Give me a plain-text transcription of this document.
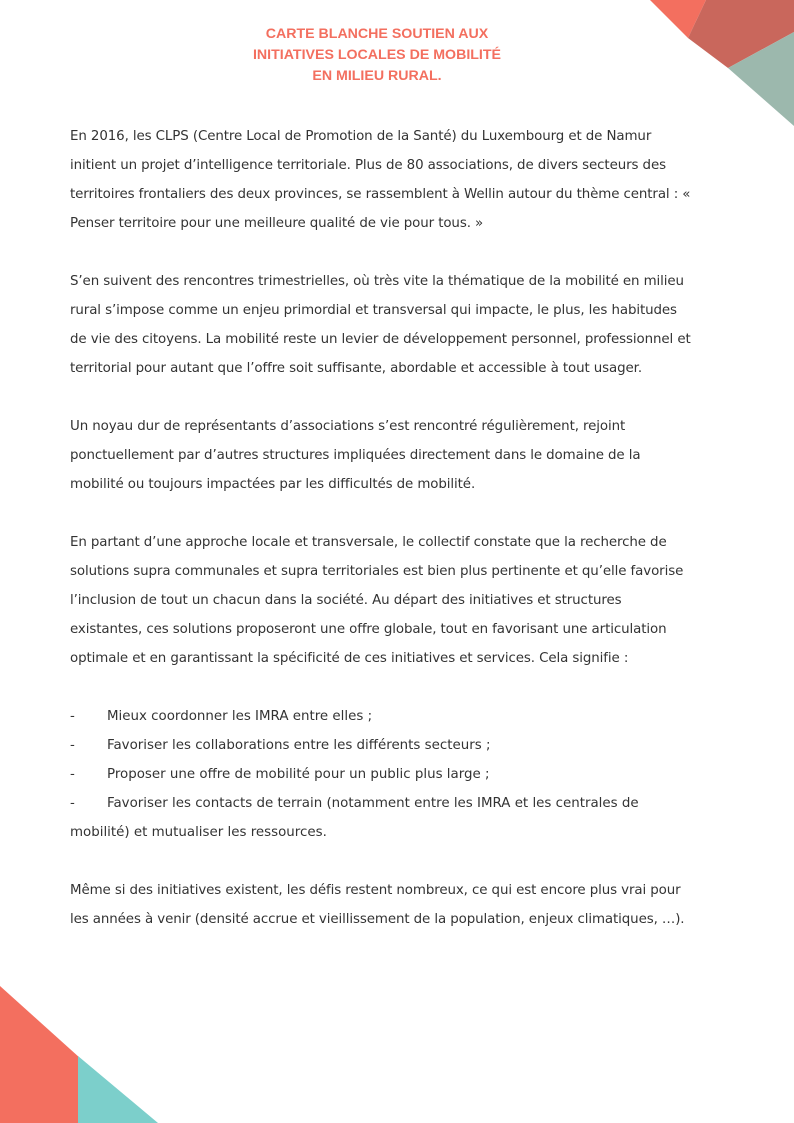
CARTE BLANCHE SOUTIEN AUX
INITIATIVES LOCALES DE MOBILITÉ
EN MILIEU RURAL.

En 2016, les CLPS (Centre Local de Promotion de la Santé) du Luxembourg et de Namur initient un projet d’intelligence territoriale. Plus de 80 associations, de divers secteurs des territoires frontaliers des deux provinces, se rassemblent à Wellin autour du thème central : « Penser territoire pour une meilleure qualité de vie pour tous. »

S’en suivent des rencontres trimestrielles, où très vite la thématique de la mobilité en milieu rural s’impose comme un enjeu primordial et transversal qui impacte, le plus, les habitudes de vie des citoyens. La mobilité reste un levier de développement personnel, professionnel et territorial pour autant que l’offre soit suffisante, abordable et accessible à tout usager.

Un noyau dur de représentants d’associations s’est rencontré régulièrement, rejoint ponctuellement par d’autres structures impliquées directement dans le domaine de la mobilité ou toujours impactées par les difficultés de mobilité.

En partant d’une approche locale et transversale, le collectif constate que la recherche de solutions supra communales et supra territoriales est bien plus pertinente et qu’elle favorise l’inclusion de tout un chacun dans la société. Au départ des initiatives et structures existantes, ces solutions proposeront une offre globale, tout en favorisant une articulation optimale et en garantissant la spécificité de ces initiatives et services. Cela signifie :

- Mieux coordonner les IMRA entre elles ;
- Favoriser les collaborations entre les différents secteurs ;
- Proposer une offre de mobilité pour un public plus large ;
- Favoriser les contacts de terrain (notamment entre les IMRA et les centrales de mobilité) et mutualiser les ressources.

Même si des initiatives existent, les défis restent nombreux, ce qui est encore plus vrai pour les années à venir (densité accrue et vieillissement de la population, enjeux climatiques, …).
